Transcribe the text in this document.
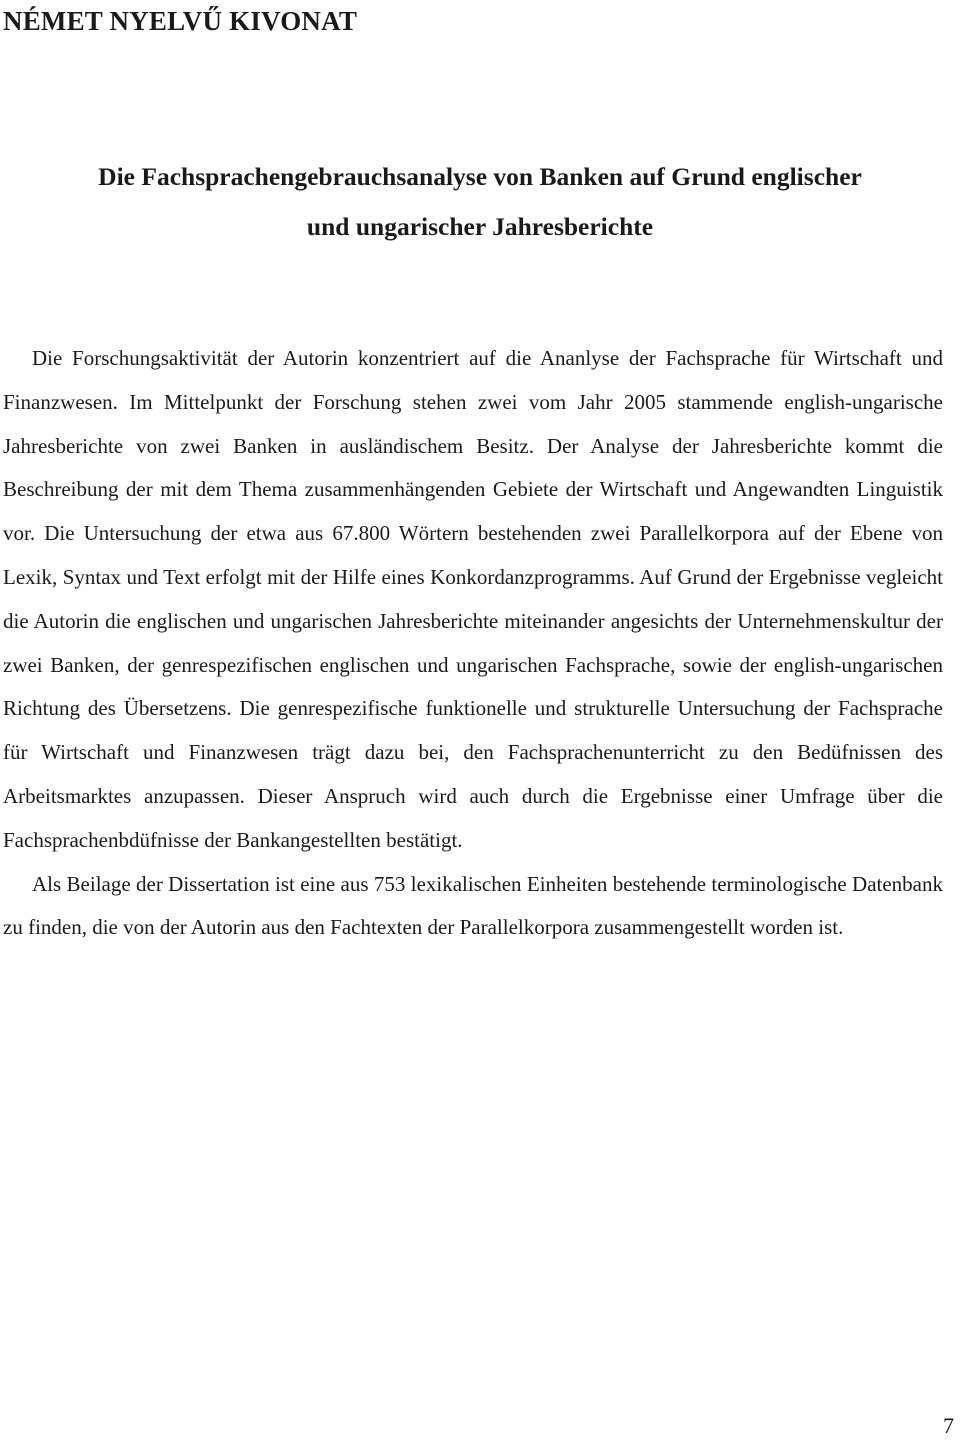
NÉMET NYELVŰ KIVONAT
Die Fachsprachengebrauchsanalyse von Banken auf Grund englischer
und ungarischer Jahresberichte

Die Forschungsaktivität der Autorin konzentriert auf die Ananlyse der Fachsprache für Wirtschaft und Finanzwesen. Im Mittelpunkt der Forschung stehen zwei vom Jahr 2005 stammende english-ungarische Jahresberichte von zwei Banken in ausländischem Besitz. Der Analyse der Jahresberichte kommt die Beschreibung der mit dem Thema zusammenhängenden Gebiete der Wirtschaft und Angewandten Linguistik vor. Die Untersuchung der etwa aus 67.800 Wörtern bestehenden zwei Parallelkorpora auf der Ebene von Lexik, Syntax und Text erfolgt mit der Hilfe eines Konkordanzprogramms. Auf Grund der Ergebnisse vegleicht die Autorin die englischen und ungarischen Jahresberichte miteinander angesichts der Unternehmenskultur der zwei Banken, der genrespezifischen englischen und ungarischen Fachsprache, sowie der english-ungarischen Richtung des Übersetzens. Die genrespezifische funktionelle und strukturelle Untersuchung der Fachsprache für Wirtschaft und Finanzwesen trägt dazu bei, den Fachsprachenunterricht zu den Bedüfnissen des Arbeitsmarktes anzupassen. Dieser Anspruch wird auch durch die Ergebnisse einer Umfrage über die Fachsprachenbdüfnisse der Bankangestellten bestätigt.

Als Beilage der Dissertation ist eine aus 753 lexikalischen Einheiten bestehende terminologische Datenbank zu finden, die von der Autorin aus den Fachtexten der Parallelkorpora zusammengestellt worden ist.

7
